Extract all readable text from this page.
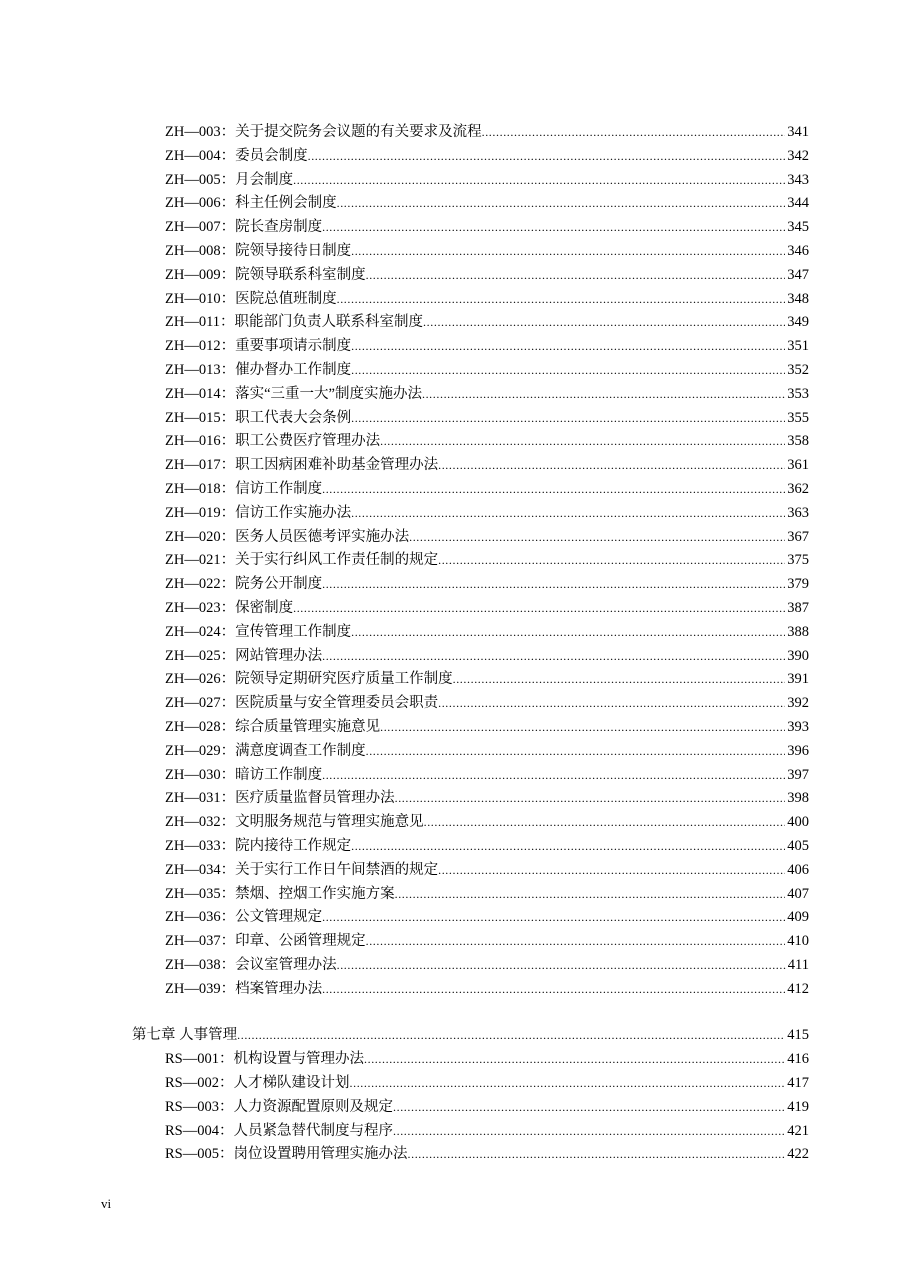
ZH—003：关于提交院务会议题的有关要求及流程 .....	341
ZH—004：委员会制度 .....	342
ZH—005：月会制度 .....	343
ZH—006：科主任例会制度 .....	344
ZH—007：院长查房制度 .....	345
ZH—008：院领导接待日制度 .....	346
ZH—009：院领导联系科室制度 .....	347
ZH—010：医院总值班制度 .....	348
ZH—011：职能部门负责人联系科室制度 .....	349
ZH—012：重要事项请示制度 .....	351
ZH—013：催办督办工作制度 .....	352
ZH—014：落实“三重一大”制度实施办法 .....	353
ZH—015：职工代表大会条例 .....	355
ZH—016：职工公费医疗管理办法 .....	358
ZH—017：职工因病困难补助基金管理办法 .....	361
ZH—018：信访工作制度 .....	362
ZH—019：信访工作实施办法 .....	363
ZH—020：医务人员医德考评实施办法 .....	367
ZH—021：关于实行纠风工作责任制的规定 .....	375
ZH—022：院务公开制度 .....	379
ZH—023：保密制度 .....	387
ZH—024：宣传管理工作制度 .....	388
ZH—025：网站管理办法 .....	390
ZH—026：院领导定期研究医疗质量工作制度 .....	391
ZH—027：医院质量与安全管理委员会职责 .....	392
ZH—028：综合质量管理实施意见 .....	393
ZH—029：满意度调查工作制度 .....	396
ZH—030：暗访工作制度 .....	397
ZH—031：医疗质量监督员管理办法 .....	398
ZH—032：文明服务规范与管理实施意见 .....	400
ZH—033：院内接待工作规定 .....	405
ZH—034：关于实行工作日午间禁酒的规定 .....	406
ZH—035：禁烟、控烟工作实施方案 .....	407
ZH—036：公文管理规定 .....	409
ZH—037：印章、公函管理规定 .....	410
ZH—038：会议室管理办法 .....	411
ZH—039：档案管理办法 .....	412
第七章 人事管理 .....	415
RS—001：机构设置与管理办法 .....	416
RS—002：人才梯队建设计划 .....	417
RS—003：人力资源配置原则及规定 .....	419
RS—004：人员紧急替代制度与程序 .....	421
RS—005：岗位设置聘用管理实施办法 .....	422
vi
